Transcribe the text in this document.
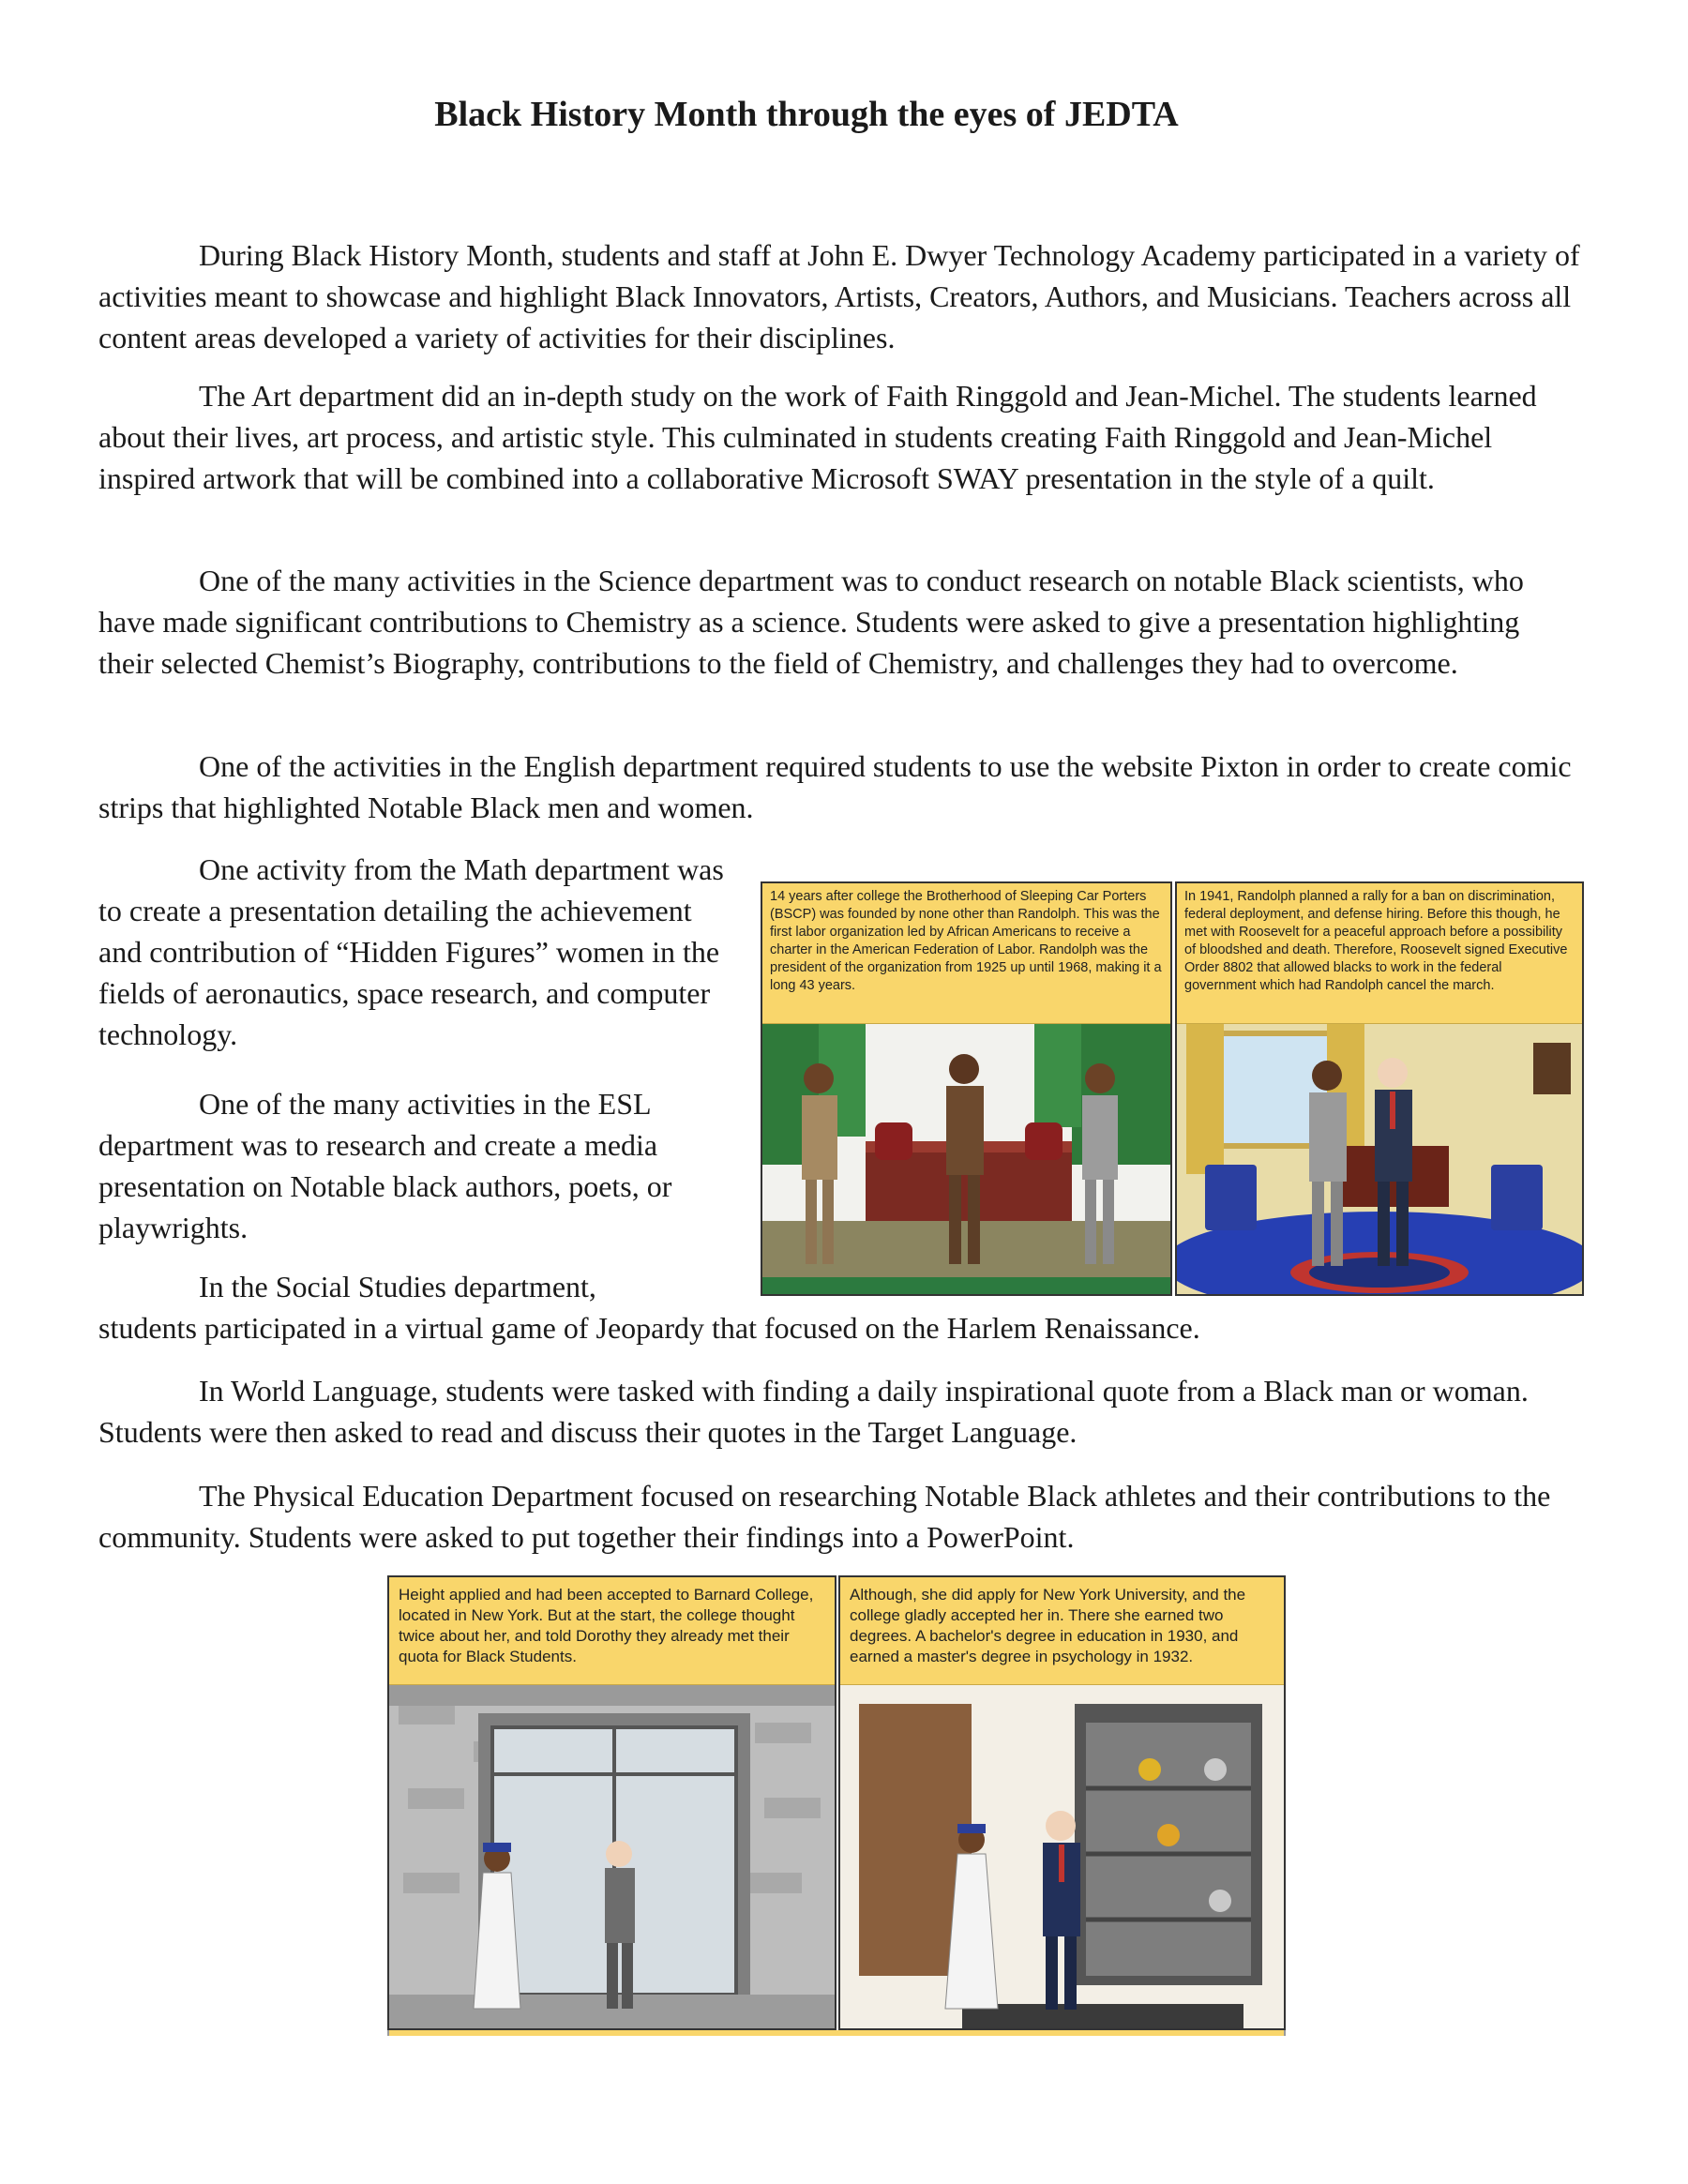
Black History Month through the eyes of JEDTA

During Black History Month, students and staff at John E. Dwyer Technology Academy participated in a variety of activities meant to showcase and highlight Black Innovators, Artists, Creators, Authors, and Musicians. Teachers across all content areas developed a variety of activities for their disciplines.

The Art department did an in-depth study on the work of Faith Ringgold and Jean-Michel. The students learned about their lives, art process, and artistic style. This culminated in students creating Faith Ringgold and Jean-Michel inspired artwork that will be combined into a collaborative Microsoft SWAY presentation in the style of a quilt.

One of the many activities in the Science department was to conduct research on notable Black scientists, who have made significant contributions to Chemistry as a science. Students were asked to give a presentation highlighting their selected Chemist’s Biography, contributions to the field of Chemistry, and challenges they had to overcome.

One of the activities in the English department required students to use the website Pixton in order to create comic strips that highlighted Notable Black men and women.

One activity from the Math department was to create a presentation detailing the achievement and contribution of “Hidden Figures” women in the fields of aeronautics, space research, and computer technology.

One of the many activities in the ESL department was to research and create a media presentation on Notable black authors, poets, or playwrights.

In the Social Studies department,
students participated in a virtual game of Jeopardy that focused on the Harlem Renaissance.

In World Language, students were tasked with finding a daily inspirational quote from a Black man or woman. Students were then asked to read and discuss their quotes in the Target Language.

The Physical Education Department focused on researching Notable Black athletes and their contributions to the community. Students were asked to put together their findings into a PowerPoint.

14 years after college the Brotherhood of Sleeping Car Porters (BSCP) was founded by none other than Randolph. This was the first labor organization led by African Americans to receive a charter in the American Federation of Labor. Randolph was the president of the organization from 1925 up until 1968, making it a long 43 years.
In 1941, Randolph planned a rally for a ban on discrimination, federal deployment, and defense hiring. Before this though, he met with Roosevelt for a peaceful approach before a possibility of bloodshed and death. Therefore, Roosevelt signed Executive Order 8802 that allowed blacks to work in the federal government which had Randolph cancel the march.
Height applied and had been accepted to Barnard College, located in New York. But at the start, the college thought twice about her, and told Dorothy they already met their quota for Black Students.
Although, she did apply for New York University, and the college gladly accepted her in. There she earned two degrees. A bachelor's degree in education in 1930, and earned a master's degree in psychology in 1932.
